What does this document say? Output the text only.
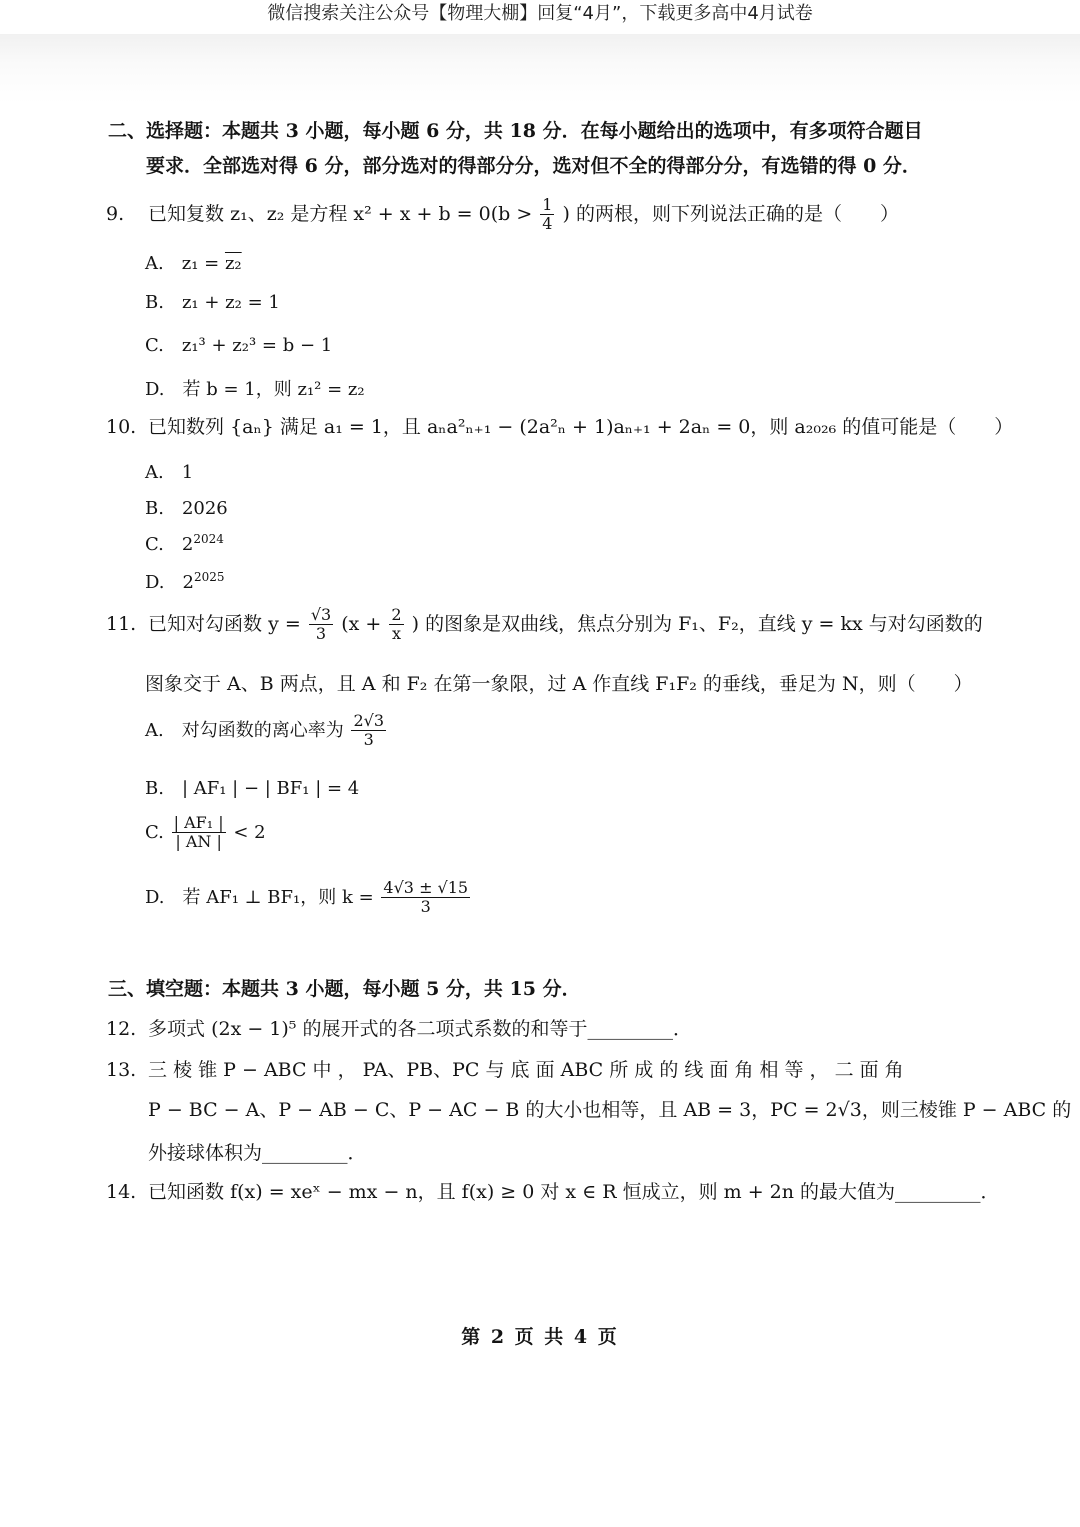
微信搜索关注公众号【物理大棚】回复“4月”，下载更多高中4月试卷
二、选择题：本题共 3 小题，每小题 6 分，共 18 分．在每小题给出的选项中，有多项符合题目
要求．全部选对得 6 分，部分选对的得部分分，选对但不全的得部分分，有选错的得 0 分．
9. 已知复数 z₁、z₂ 是方程 $x^2 + x + b = 0(b > \frac{1}{4}$ ) 的两根，则下列说法正确的是（　　）
A.　z₁ = z₂
B.　z₁ + z₂ = 1
C.　z₁³ + z₂³ = b − 1
D.　若 b = 1，则 z₁² = z₂
10. 已知数列 {aₙ} 满足 a₁ = 1，且 aₙa²ₙ₊₁ − (2a²ₙ + 1)aₙ₊₁ + 2aₙ = 0，则 a₂₀₂₆ 的值可能是（　　）
A.　1
B.　2026
C.　$2^{2024}$
D.　$2^{2025}$
11. 已知对勾函数 $y = \frac{√3}{3} (x + \frac{2}{x}$ ) 的图象是双曲线，焦点分别为 F₁、F₂，直线 y = kx 与对勾函数的
图象交于 A、B 两点，且 A 和 F₂ 在第一象限，过 A 作直线 F₁F₂ 的垂线，垂足为 N，则（　　）
A.　对勾函数的离心率为 $\frac{2√3}{3}$
B.　| AF₁ | − | BF₁ | = 4
C. $\frac{\text{| AF₁ |}}{| AN |} < 2$
D.　若 AF₁ ⊥ BF₁，则 $k = \frac{4√3 \pm √15}{3}$
三、填空题：本题共 3 小题，每小题 5 分，共 15 分．
12. 多项式 (2x − 1)⁵ 的展开式的各二项式系数的和等于_________．
13. 三 棱 锥 P − ABC 中 ， PA、PB、PC 与 底 面 ABC 所 成 的 线 面 角 相 等 ， 二 面 角
P − BC − A、P − AB − C、P − AC − B 的大小也相等，且 AB = 3，PC = 2√3，则三棱锥 P − ABC 的
外接球体积为_________．
14. 已知函数 f(x) = xeˣ − mx − n，且 f(x) ≥ 0 对 x ∈ R 恒成立，则 m + 2n 的最大值为_________．
第 2 页 共 4 页
